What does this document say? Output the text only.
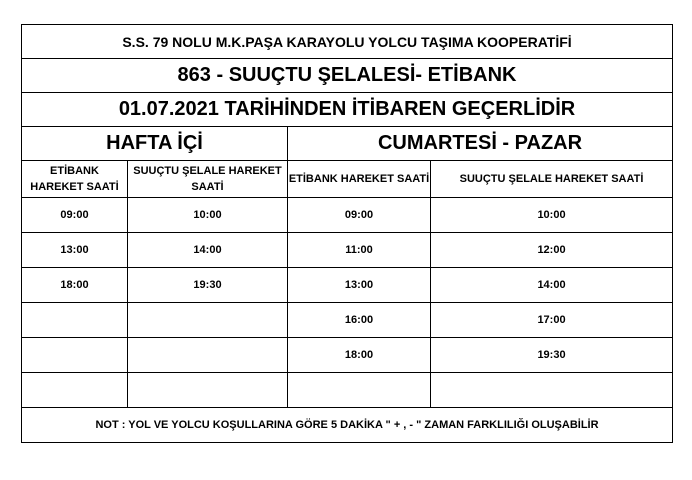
S.S. 79 NOLU M.K.PAŞA KARAYOLU YOLCU TAŞIMA KOOPERATİFİ			
863 - SUUÇTU ŞELALESİ- ETİBANK			
01.07.2021 TARİHİNDEN İTİBAREN GEÇERLİDİR			
HAFTA İÇİ		CUMARTESİ - PAZAR	
ETİBANK HAREKET SAATİ	SUUÇTU ŞELALE HAREKET SAATİ	ETİBANK HAREKET SAATİ	SUUÇTU ŞELALE HAREKET SAATİ
09:00	10:00	09:00	10:00
13:00	14:00	11:00	12:00
18:00	19:30	13:00	14:00
		16:00	17:00
		18:00	19:30

NOT : YOL VE YOLCU KOŞULLARINA GÖRE 5 DAKİKA " + , - " ZAMAN FARKLILIĞI OLUŞABİLİR			
